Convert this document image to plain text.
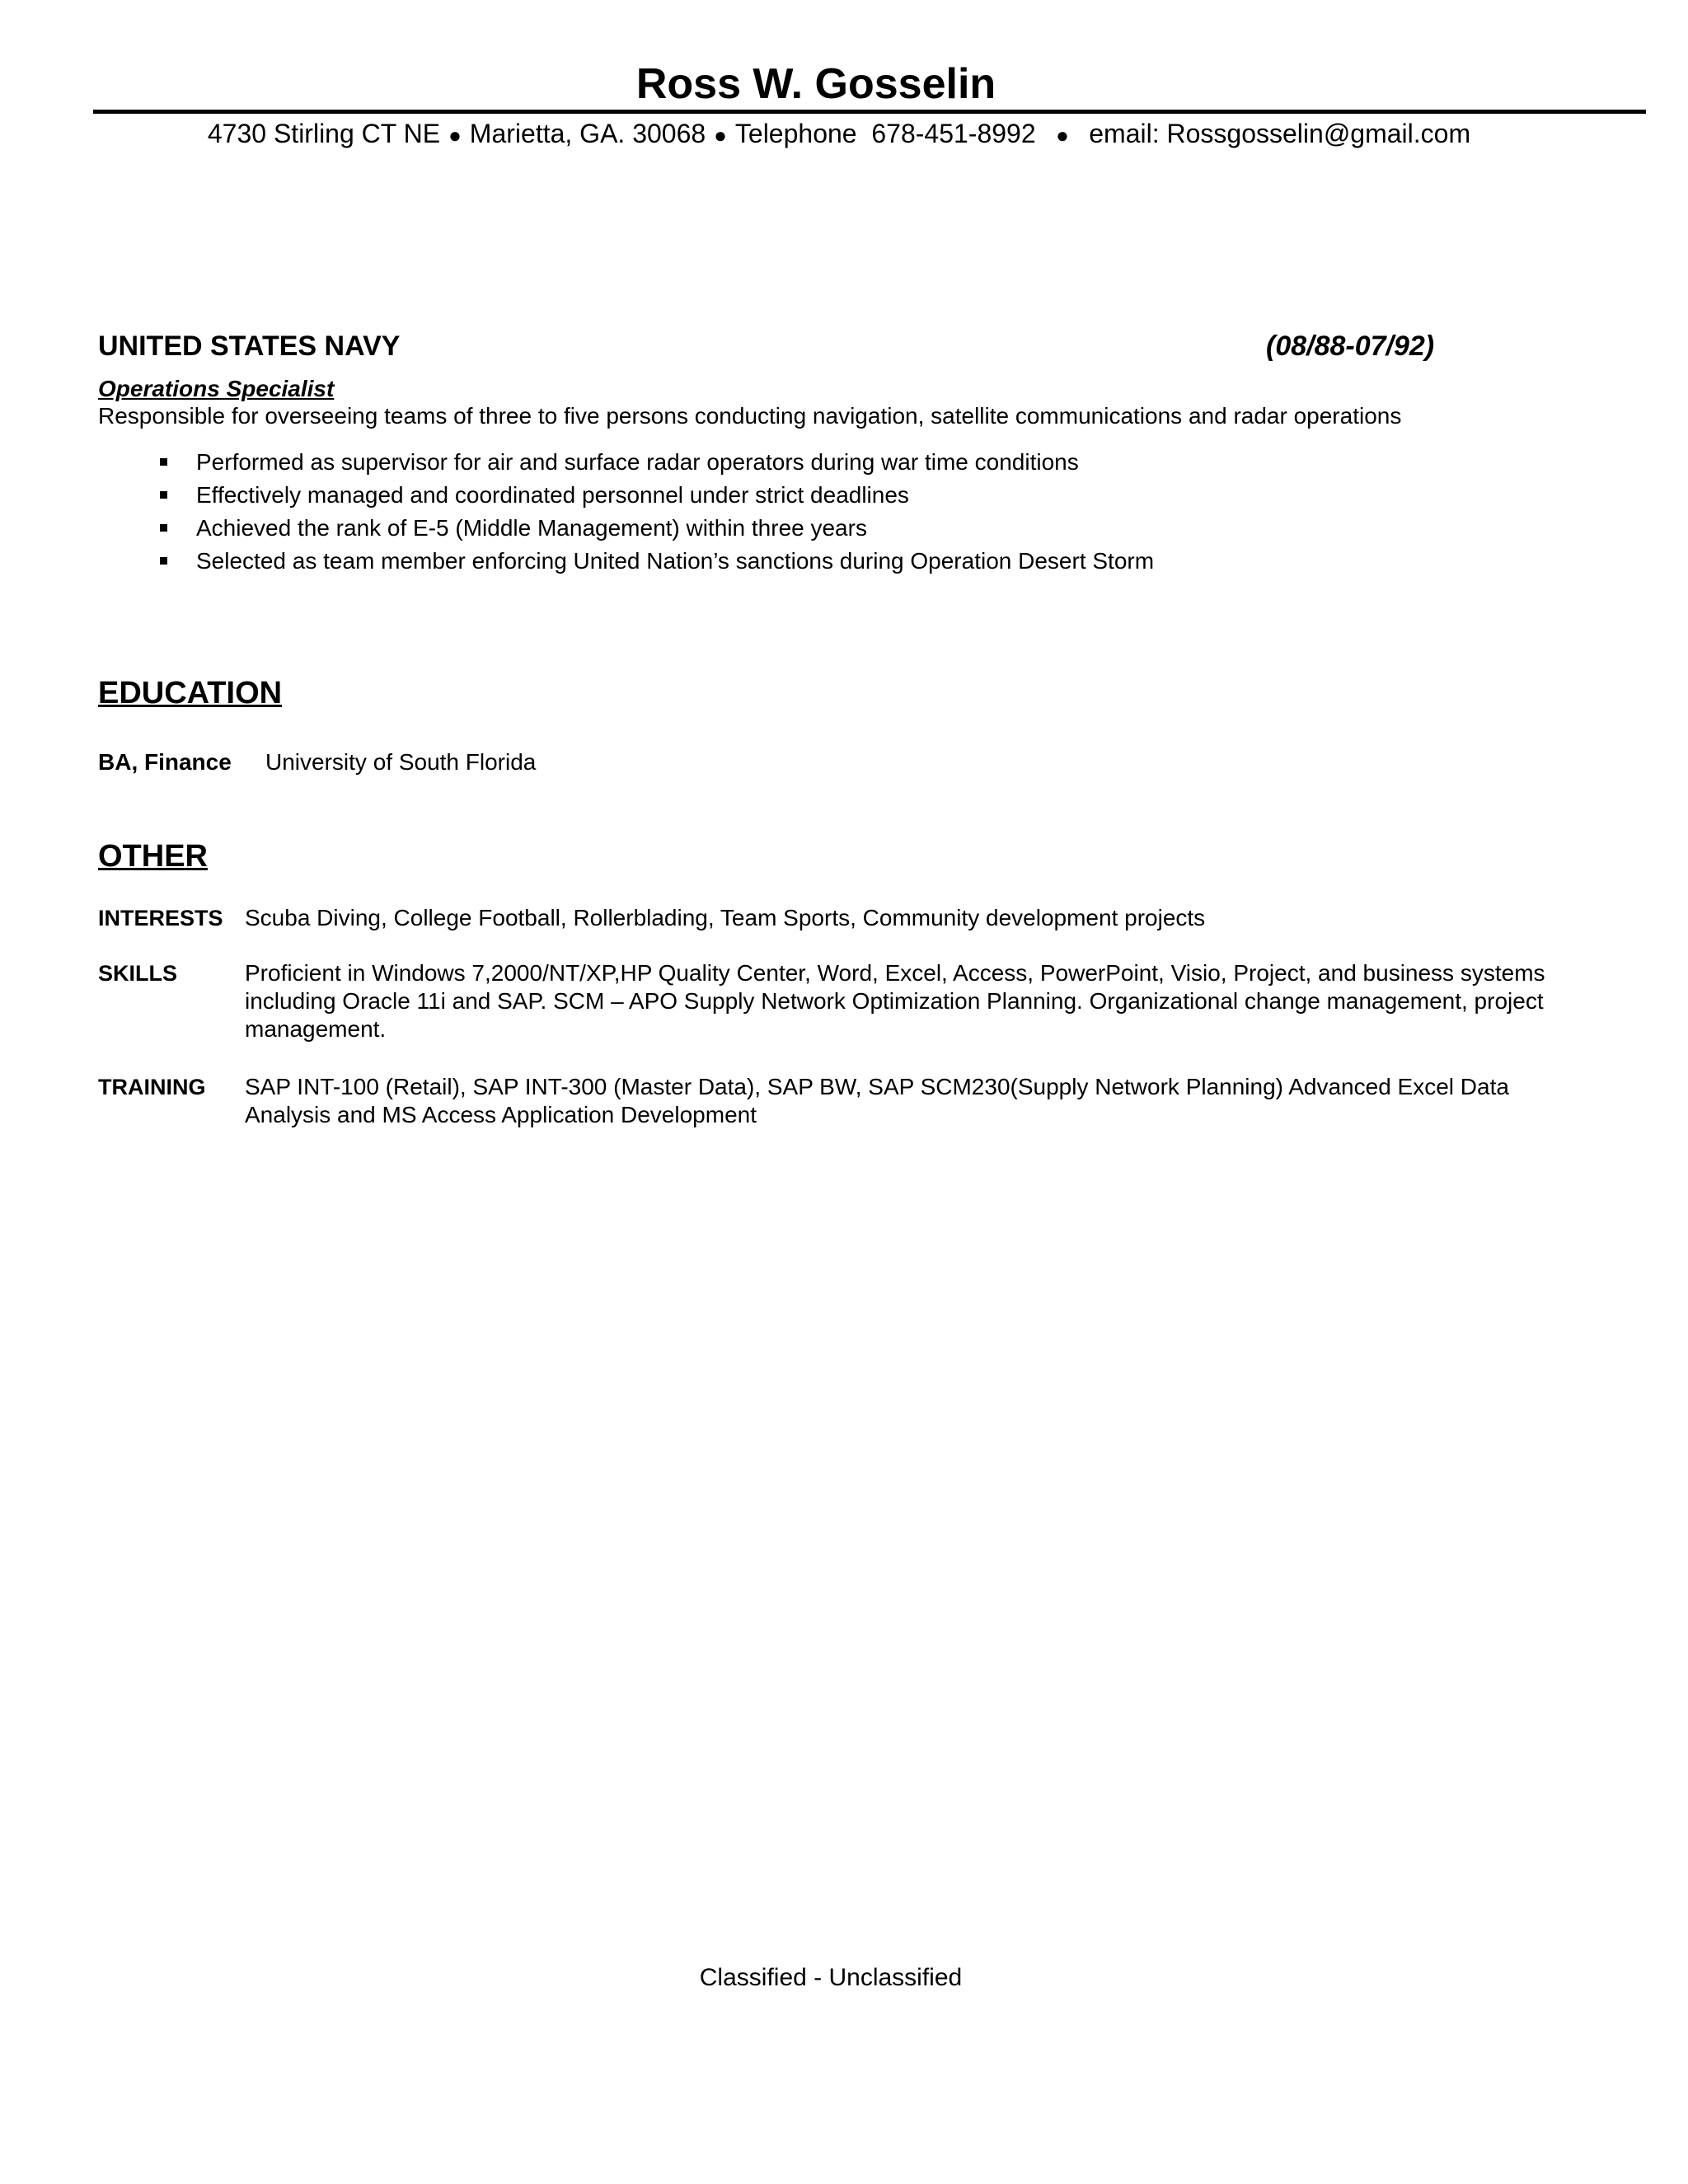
Ross W. Gosselin
4730 Stirling CT NE ● Marietta, GA. 30068 ● Telephone  678-451-8992  ●  email: Rossgosselin@gmail.com
UNITED STATES NAVY	(08/88-07/92)
Operations Specialist
Responsible for overseeing teams of three to five persons conducting navigation, satellite communications and radar operations
Performed as supervisor for air and surface radar operators during war time conditions
Effectively managed and coordinated personnel under strict deadlines
Achieved the rank of E-5 (Middle Management) within three years
Selected as team member enforcing United Nation’s sanctions during Operation Desert Storm
EDUCATION
BA, Finance University of South Florida
OTHER
INTERESTS Scuba Diving, College Football, Rollerblading, Team Sports, Community development projects
SKILLS	Proficient in Windows 7,2000/NT/XP,HP Quality Center, Word, Excel, Access, PowerPoint, Visio, Project, and business systems including Oracle 11i and SAP. SCM – APO Supply Network Optimization Planning. Organizational change management, project management.
TRAINING SAP INT-100 (Retail), SAP INT-300 (Master Data), SAP BW, SAP SCM230(Supply Network Planning) Advanced Excel Data Analysis and MS Access Application Development
Classified - Unclassified
